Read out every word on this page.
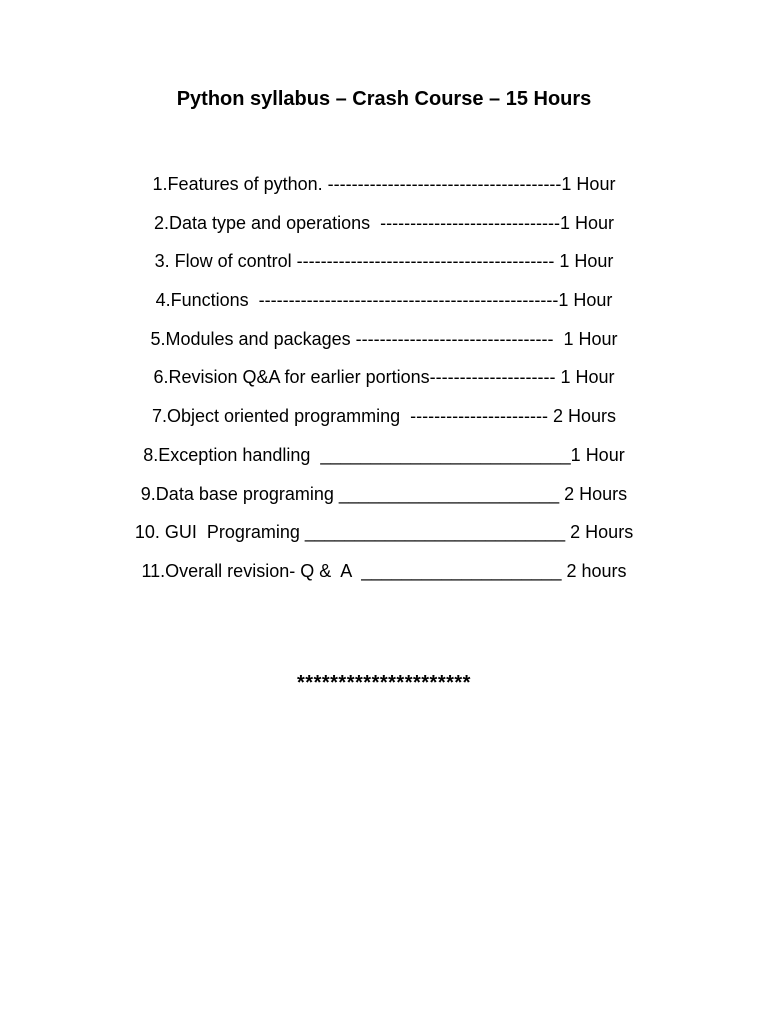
Python syllabus – Crash Course – 15 Hours
1.Features of python. ---------------------------------------1 Hour
2.Data type and operations  ------------------------------1 Hour
3. Flow of control ------------------------------------------- 1 Hour
4.Functions  --------------------------------------------------1 Hour
5.Modules and packages ---------------------------------  1 Hour
6.Revision Q&A for earlier portions--------------------- 1 Hour
7.Object oriented programming  ----------------------- 2 Hours
8.Exception handling  _________________________1 Hour
9.Data base programing ______________________ 2 Hours
10. GUI  Programing __________________________ 2 Hours
11.Overall revision- Q &  A  ____________________ 2 hours
*********************
